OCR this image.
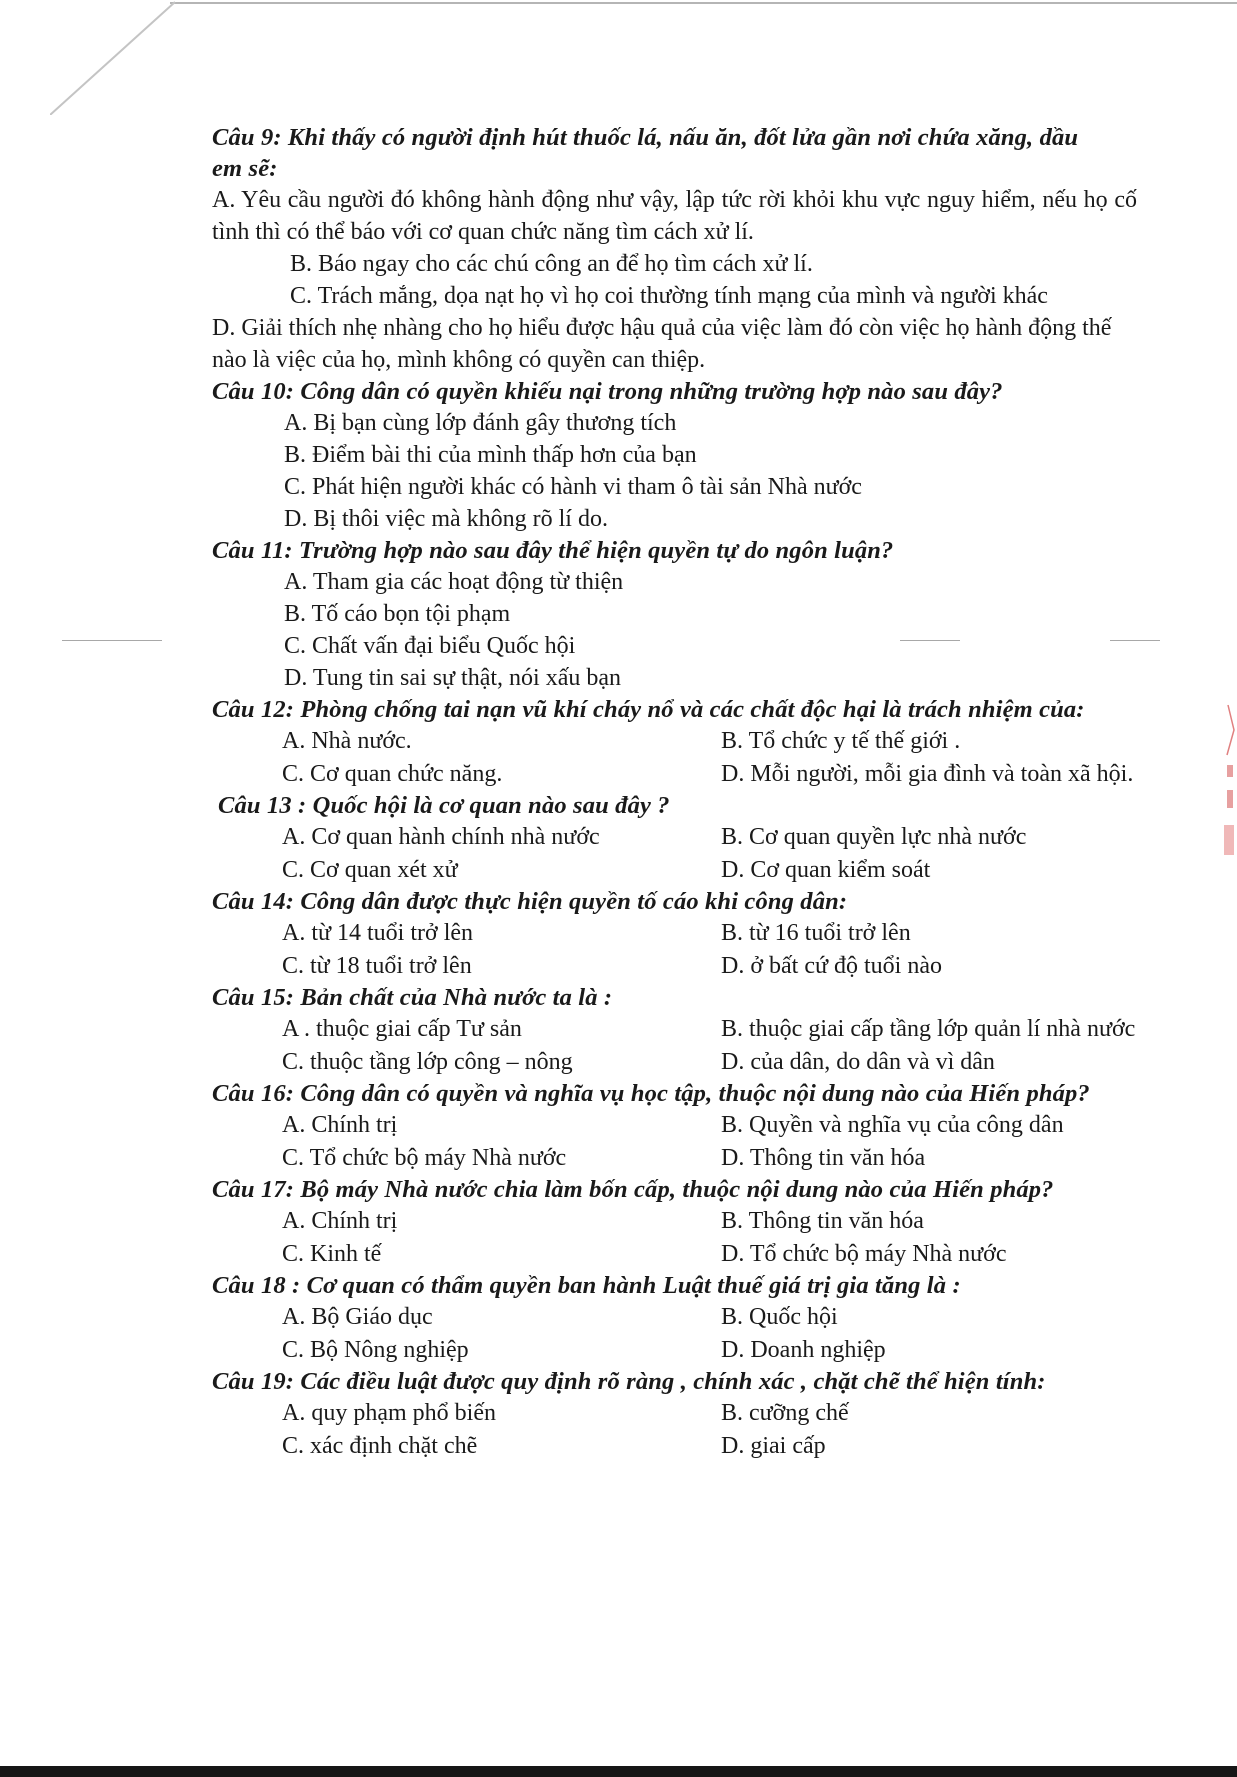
Câu 9: Khi thấy có người định hút thuốc lá, nấu ăn, đốt lửa gần nơi chứa xăng, dầu em sẽ:
A. Yêu cầu người đó không hành động như vậy, lập tức rời khỏi khu vực nguy hiểm, nếu họ cố tình thì có thể báo với cơ quan chức năng tìm cách xử lí.
B. Báo ngay cho các chú công an để họ tìm cách xử lí.
C. Trách mắng, dọa nạt họ vì họ coi thường tính mạng của mình và người khác
D. Giải thích nhẹ nhàng cho họ hiểu được hậu quả của việc làm đó còn việc họ hành động thế nào là việc của họ, mình không có quyền can thiệp.
Câu 10: Công dân có quyền khiếu nại trong những trường hợp nào sau đây?
A. Bị bạn cùng lớp đánh gây thương tích
B. Điểm bài thi của mình thấp hơn của bạn
C. Phát hiện người khác có hành vi tham ô tài sản Nhà nước
D. Bị thôi việc mà không rõ lí do.
Câu 11: Trường hợp nào sau đây thể hiện quyền tự do ngôn luận?
A. Tham gia các hoạt động từ thiện
B. Tố cáo bọn tội phạm
C. Chất vấn đại biểu Quốc hội
D. Tung tin sai sự thật, nói xấu bạn
Câu 12: Phòng chống tai nạn vũ khí cháy nổ và các chất độc hại là trách nhiệm của:
A. Nhà nước.	B. Tổ chức y tế thế giới .
C. Cơ quan chức năng.	D. Mỗi người, mỗi gia đình và toàn xã hội.
Câu 13 : Quốc hội là cơ quan nào sau đây ?
A. Cơ quan hành chính nhà nước	B. Cơ quan quyền lực nhà nước
C. Cơ quan xét xử	D. Cơ quan kiểm soát
Câu 14: Công dân được thực hiện quyền tố cáo khi công dân:
A. từ 14 tuổi trở lên	B. từ 16 tuổi trở lên
C. từ 18 tuổi trở lên	D. ở bất cứ độ tuổi nào
Câu 15: Bản chất của Nhà nước ta là :
A . thuộc giai cấp Tư sản	B. thuộc giai cấp tầng lớp quản lí nhà nước
C. thuộc tầng lớp công – nông	D. của dân, do dân và vì dân
Câu 16: Công dân có quyền và nghĩa vụ học tập, thuộc nội dung nào của Hiến pháp?
A. Chính trị	B. Quyền và nghĩa vụ của công dân
C. Tổ chức bộ máy Nhà nước	D. Thông tin văn hóa
Câu 17: Bộ máy Nhà nước chia làm bốn cấp, thuộc nội dung nào của Hiến pháp?
A. Chính trị	B. Thông tin văn hóa
C. Kinh tế	D. Tổ chức bộ máy Nhà nước
Câu 18 : Cơ quan có thẩm quyền ban hành Luật thuế giá trị gia tăng là :
A. Bộ Giáo dục	B. Quốc hội
C. Bộ Nông nghiệp	D. Doanh nghiệp
Câu 19: Các điều luật được quy định rõ ràng , chính xác , chặt chẽ thể hiện tính:
A. quy phạm phổ biến	B. cưỡng chế
C. xác định chặt chẽ	D. giai cấp
